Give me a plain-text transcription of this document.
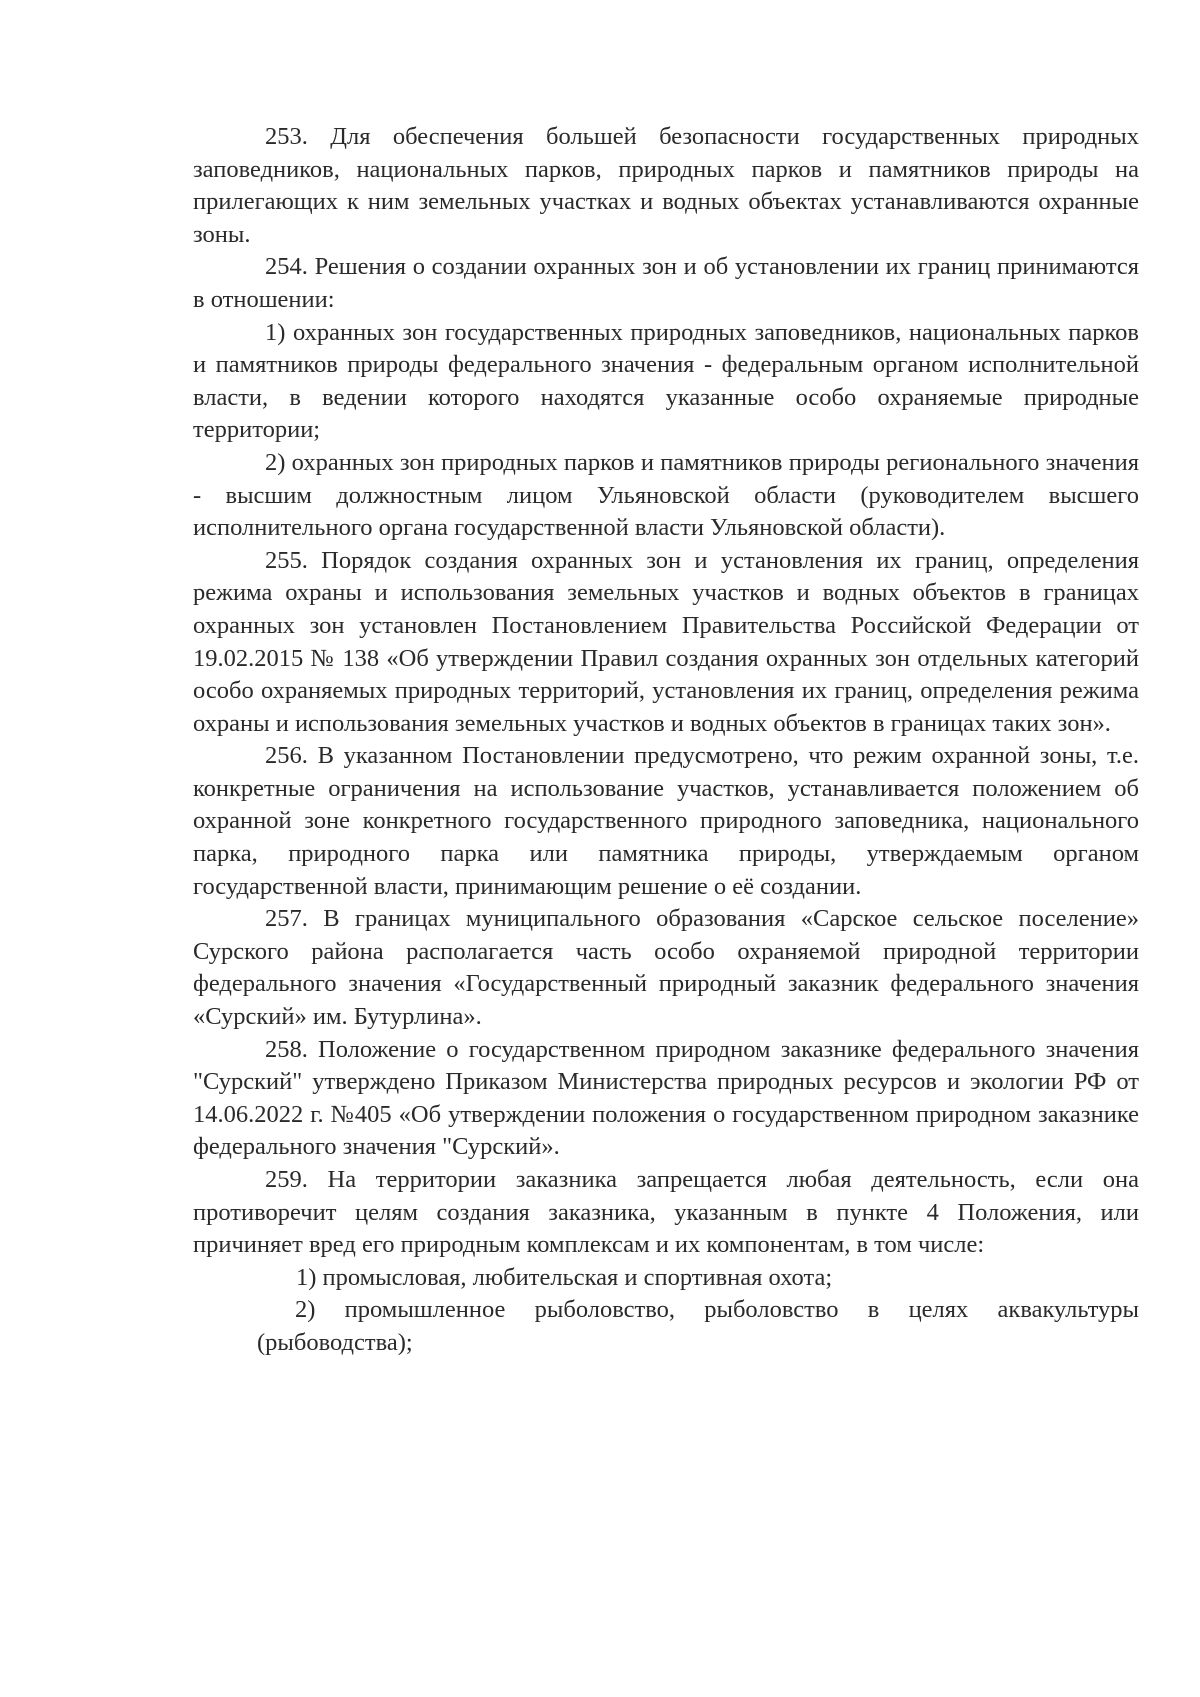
253. Для обеспечения большей безопасности государственных природных заповедников, национальных парков, природных парков и памятников природы на прилегающих к ним земельных участках и водных объектах устанавливаются охранные зоны.

254. Решения о создании охранных зон и об установлении их границ принимаются в отношении:

1) охранных зон государственных природных заповедников, национальных парков и памятников природы федерального значения - федеральным органом исполнительной власти, в ведении которого находятся указанные особо охраняемые природные территории;

2) охранных зон природных парков и памятников природы регионального значения - высшим должностным лицом Ульяновской области (руководителем высшего исполнительного органа государственной власти Ульяновской области).

255. Порядок создания охранных зон и установления их границ, определения режима охраны и использования земельных участков и водных объектов в границах охранных зон установлен Постановлением Правительства Российской Федерации от 19.02.2015 № 138 «Об утверждении Правил создания охранных зон отдельных категорий особо охраняемых природных территорий, установления их границ, определения режима охраны и использования земельных участков и водных объектов в границах таких зон».

256. В указанном Постановлении предусмотрено, что режим охранной зоны, т.е. конкретные ограничения на использование участков, устанавливается положением об охранной зоне конкретного государственного природного заповедника, национального парка, природного парка или памятника природы, утверждаемым органом государственной власти, принимающим решение о её создании.

257. В границах муниципального образования «Сарское сельское поселение» Сурского района располагается часть особо охраняемой природной территории федерального значения «Государственный природный заказник федерального значения «Сурский» им. Бутурлина».

258. Положение о государственном природном заказнике федерального значения "Сурский" утверждено Приказом Министерства природных ресурсов и экологии РФ от 14.06.2022 г. №405 «Об утверждении положения о государственном природном заказнике федерального значения "Сурский».

259. На территории заказника запрещается любая деятельность, если она противоречит целям создания заказника, указанным в пункте 4 Положения, или причиняет вред его природным комплексам и их компонентам, в том числе:

1) промысловая, любительская и спортивная охота;

2) промышленное рыболовство, рыболовство в целях аквакультуры (рыбоводства);
